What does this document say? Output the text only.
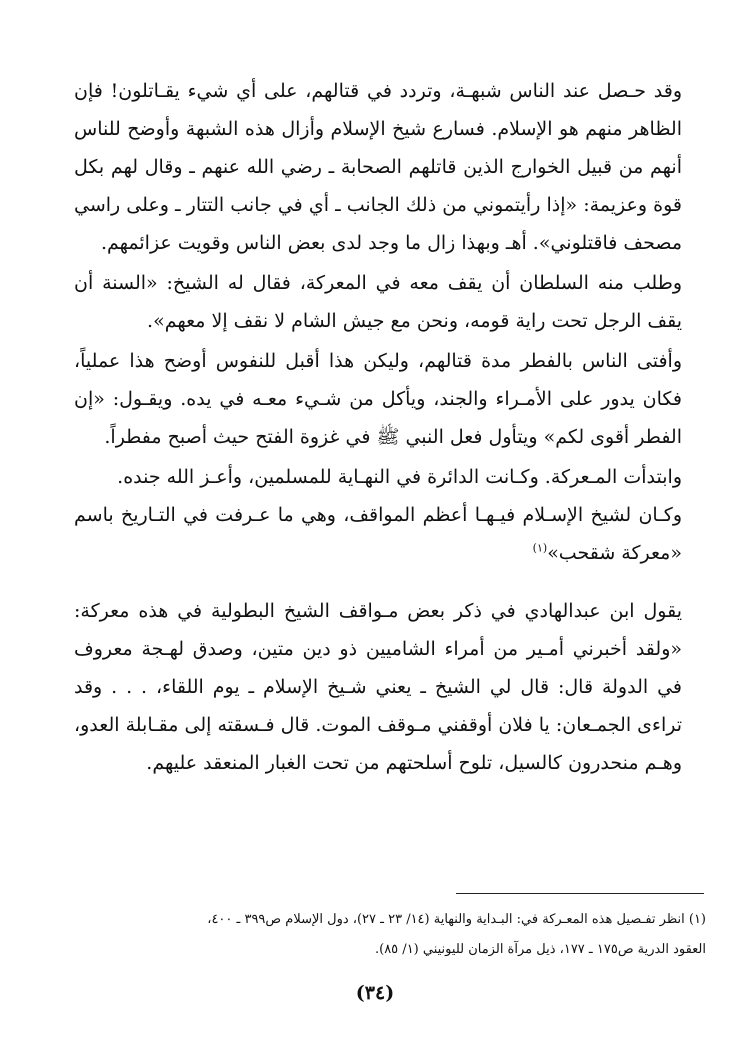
وقد حـصل عند الناس شبهـة، وتردد في قتالهم، على أي شيء يقـاتلون! فإن الظاهر منهم هو الإسلام. فسارع شيخ الإسلام وأزال هذه الشبهة وأوضح للناس أنهم من قبيل الخوارج الذين قاتلهم الصحابة ـ رضي الله عنهم ـ وقال لهم بكل قوة وعزيمة: «إذا رأيتموني من ذلك الجانب ـ أي في جانب التتار ـ وعلى راسي مصحف فاقتلوني». أهـ وبهذا زال ما وجد لدى بعض الناس وقويت عزائمهم.

وطلب منه السلطان أن يقف معه في المعركة، فقال له الشيخ: «السنة أن يقف الرجل تحت راية قومه، ونحن مع جيش الشام لا نقف إلا معهم».

وأفتى الناس بالفطر مدة قتالهم، وليكن هذا أقبل للنفوس أوضح هذا عملياً، فكان يدور على الأمـراء والجند، ويأكل من شـيء معـه في يده. ويقـول: «إن الفطر أقوى لكم» ويتأول فعل النبي ﷺ في غزوة الفتح حيث أصبح مفطراً.

وابتدأت المـعركة. وكـانت الدائرة في النهـاية للمسلمين، وأعـز الله جنده.

وكـان لشيخ الإسـلام فيـهـا أعظم المواقف، وهي ما عـرفت في التـاريخ باسم «معركة شقحب»$^{(١)}$

يقول ابن عبدالهادي في ذكر بعض مـواقف الشيخ البطولية في هذه معركة: «ولقد أخبرني أمـير من أمراء الشاميين ذو دين متين، وصدق لهـجة معروف في الدولة قال: قال لي الشيخ ـ يعني شـيخ الإسلام ـ يوم اللقاء، . . . وقد تراءى الجمـعان: يا فلان أوقفني مـوقف الموت. قال فـسقته إلى مقـابلة العدو، وهـم منحدرون كالسيل، تلوح أسلحتهم من تحت الغبار المنعقد عليهم.

(١) انظر تفـصيل هذه المعـركة في: البـداية والنهاية (١٤/ ٢٣ ـ ٢٧)، دول الإسلام ص٣٩٩ ـ ٤٠٠،

العقود الدرية ص١٧٥ ـ ١٧٧، ذيل مرآة الزمان لليونيني (١/ ٨٥).

(٣٤)
